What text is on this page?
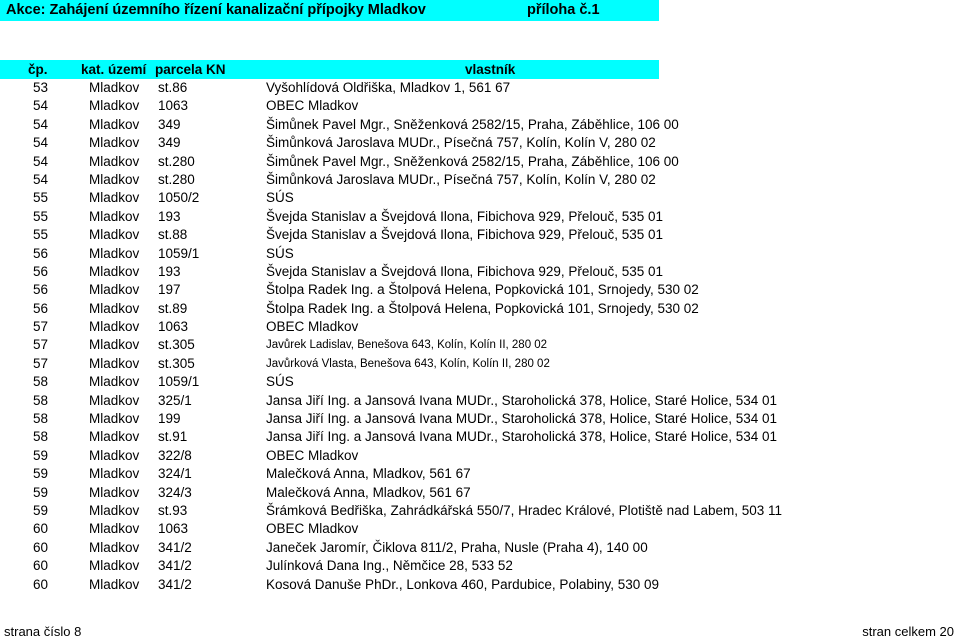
Akce: Zahájení územního řízení kanalizační přípojky Mladkov	příloha č.1
čp. kat. území parcela KN	vlastník
53	Mladkov st.86	Vyšohlídová Oldřiška, Mladkov 1, 561 67
54	Mladkov 1063	OBEC Mladkov
54	Mladkov 349	Šimůnek Pavel Mgr., Sněženková 2582/15, Praha, Záběhlice, 106 00
54	Mladkov 349	Šimůnková Jaroslava MUDr., Písečná 757, Kolín, Kolín V, 280 02
54	Mladkov st.280	Šimůnek Pavel Mgr., Sněženková 2582/15, Praha, Záběhlice, 106 00
54	Mladkov st.280	Šimůnková Jaroslava MUDr., Písečná 757, Kolín, Kolín V, 280 02
55	Mladkov 1050/2	SÚS
55	Mladkov 193	Švejda Stanislav a Švejdová Ilona, Fibichova 929, Přelouč, 535 01
55	Mladkov st.88	Švejda Stanislav a Švejdová Ilona, Fibichova 929, Přelouč, 535 01
56	Mladkov 1059/1	SÚS
56	Mladkov 193	Švejda Stanislav a Švejdová Ilona, Fibichova 929, Přelouč, 535 01
56	Mladkov 197	Štolpa Radek Ing. a Štolpová Helena, Popkovická 101, Srnojedy, 530 02
56	Mladkov st.89	Štolpa Radek Ing. a Štolpová Helena, Popkovická 101, Srnojedy, 530 02
57	Mladkov 1063	OBEC Mladkov
57	Mladkov st.305	Javůrek Ladislav, Benešova 643, Kolín, Kolín II, 280 02
57	Mladkov st.305	Javůrková Vlasta, Benešova 643, Kolín, Kolín II, 280 02
58	Mladkov 1059/1	SÚS
58	Mladkov 325/1	Jansa Jiří Ing. a Jansová Ivana MUDr., Staroholická 378, Holice, Staré Holice, 534 01
58	Mladkov 199	Jansa Jiří Ing. a Jansová Ivana MUDr., Staroholická 378, Holice, Staré Holice, 534 01
58	Mladkov st.91	Jansa Jiří Ing. a Jansová Ivana MUDr., Staroholická 378, Holice, Staré Holice, 534 01
59	Mladkov 322/8	OBEC Mladkov
59	Mladkov 324/1	Malečková Anna, Mladkov, 561 67
59	Mladkov 324/3	Malečková Anna, Mladkov, 561 67
59	Mladkov st.93	Šrámková Bedřiška, Zahrádkářská 550/7, Hradec Králové, Plotiště nad Labem, 503 11
60	Mladkov 1063	OBEC Mladkov
60	Mladkov 341/2	Janeček Jaromír, Čiklova 811/2, Praha, Nusle (Praha 4), 140 00
60	Mladkov 341/2	Julínková Dana Ing., Němčice 28, 533 52
60	Mladkov 341/2	Kosová Danuše PhDr., Lonkova 460, Pardubice, Polabiny, 530 09
strana číslo 8	stran celkem 20
